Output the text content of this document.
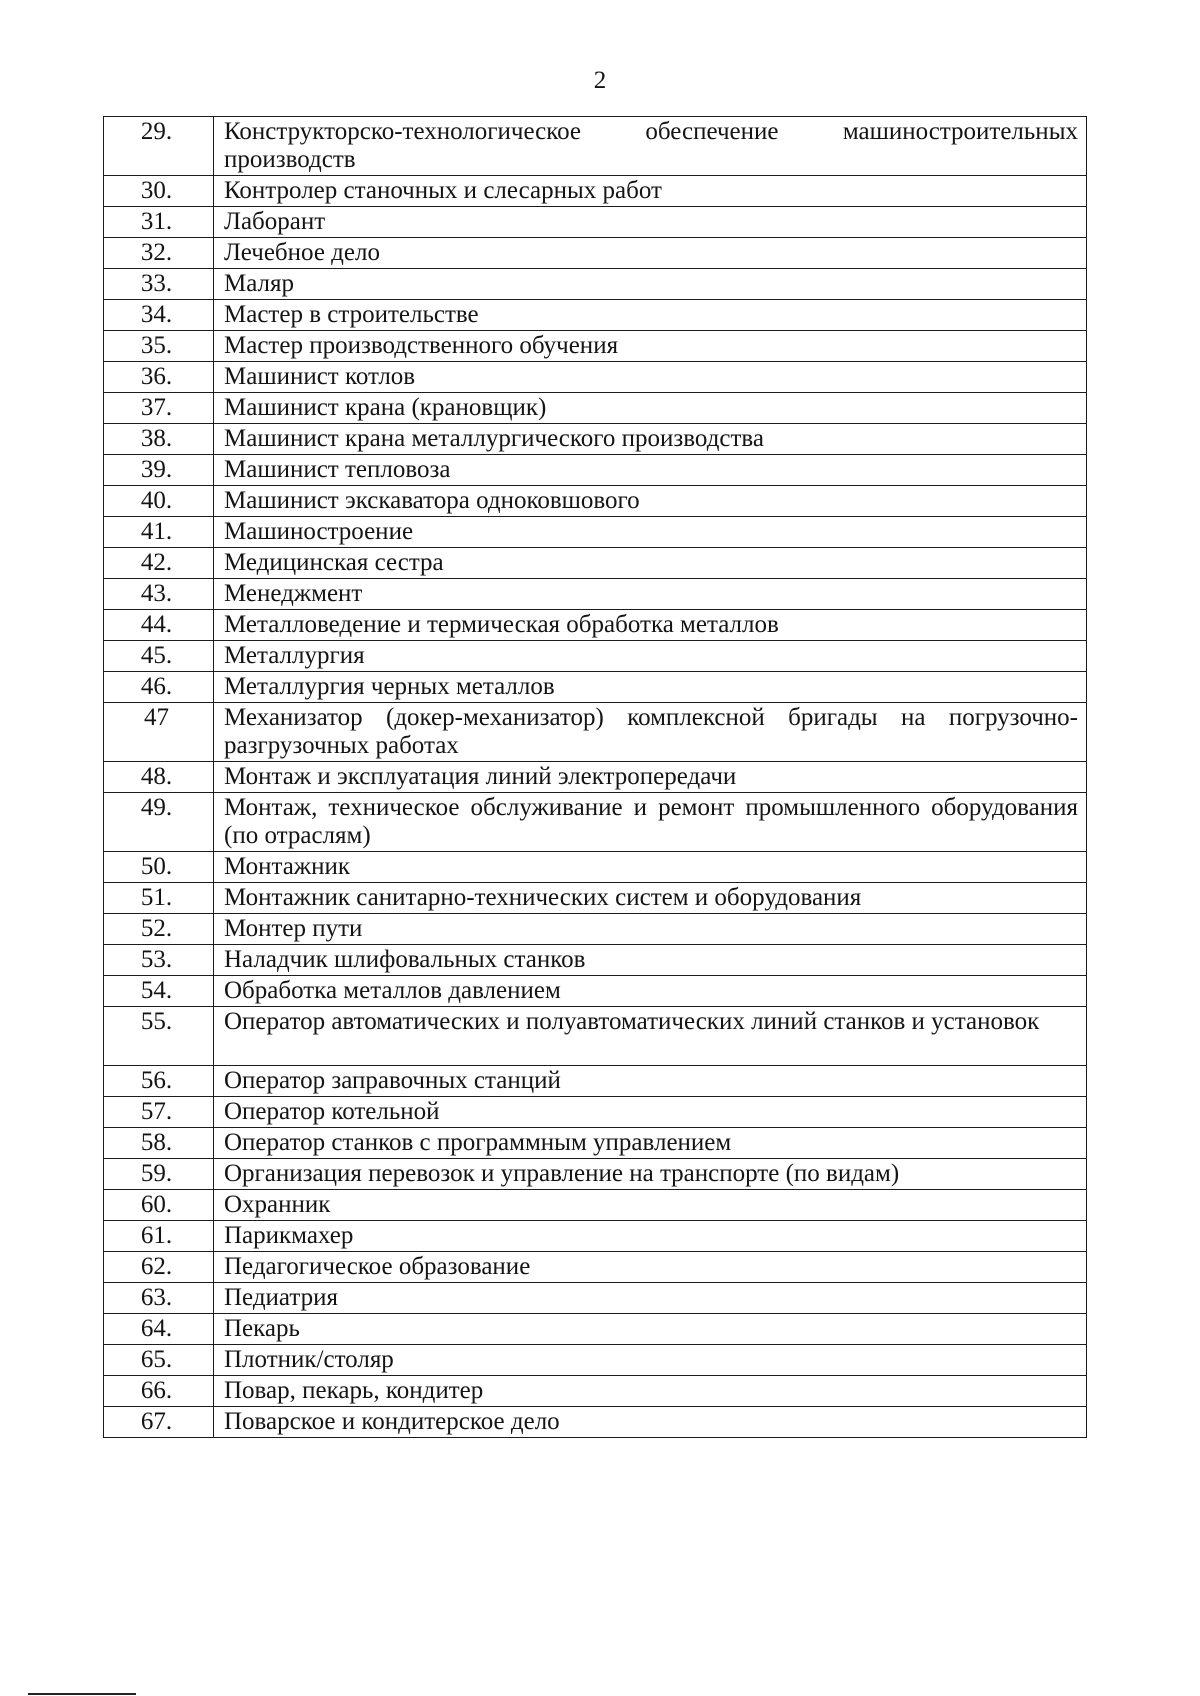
2
29.	Конструкторско-технологическое обеспечение машиностроительных производств
30.	Контролер станочных и слесарных работ
31.	Лаборант
32.	Лечебное дело
33.	Маляр
34.	Мастер в строительстве
35.	Мастер производственного обучения
36.	Машинист котлов
37.	Машинист крана (крановщик)
38.	Машинист крана металлургического производства
39.	Машинист тепловоза
40.	Машинист экскаватора одноковшового
41.	Машиностроение
42.	Медицинская сестра
43.	Менеджмент
44.	Металловедение и термическая обработка металлов
45.	Металлургия
46.	Металлургия черных металлов
47	Механизатор (докер-механизатор) комплексной бригады на погрузочно-разгрузочных работах
48.	Монтаж и эксплуатация линий электропередачи
49.	Монтаж, техническое обслуживание и ремонт промышленного оборудования (по отраслям)
50.	Монтажник
51.	Монтажник санитарно-технических систем и оборудования
52.	Монтер пути
53.	Наладчик шлифовальных станков
54.	Обработка металлов давлением
55.	Оператор автоматических и полуавтоматических линий станков и установок
56.	Оператор заправочных станций
57.	Оператор котельной
58.	Оператор станков с программным управлением
59.	Организация перевозок и управление на транспорте (по видам)
60.	Охранник
61.	Парикмахер
62.	Педагогическое образование
63.	Педиатрия
64.	Пекарь
65.	Плотник/столяр
66.	Повар, пекарь, кондитер
67.	Поварское и кондитерское дело
